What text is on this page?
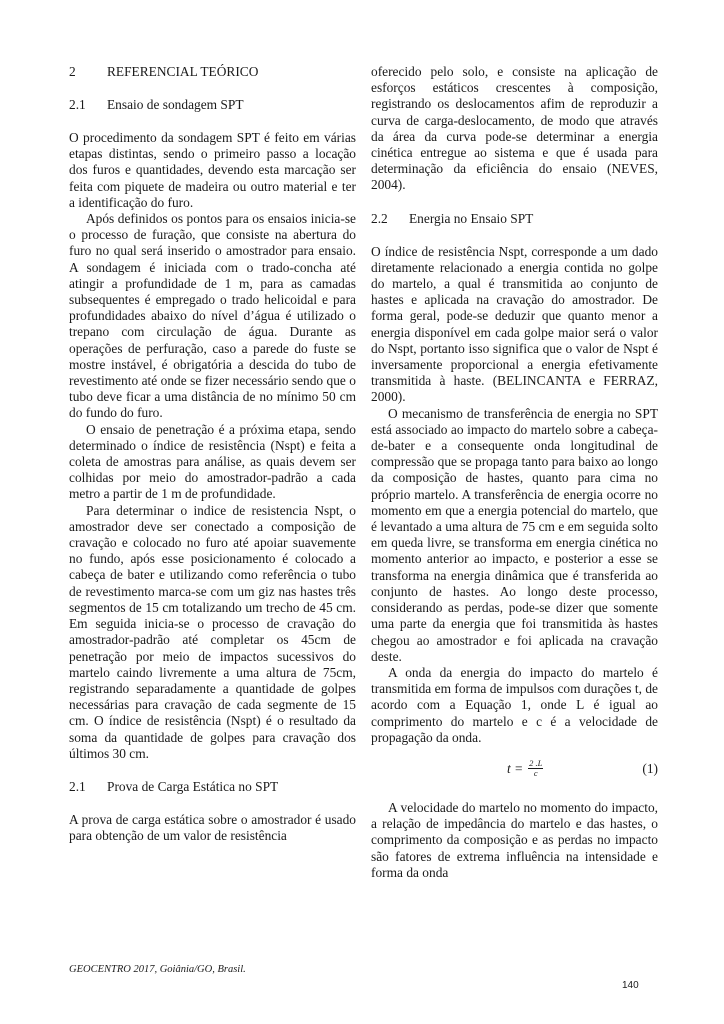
2	REFERENCIAL TEÓRICO
2.1	Ensaio de sondagem SPT

O procedimento da sondagem SPT é feito em várias etapas distintas, sendo o primeiro passo a locação dos furos e quantidades, devendo esta marcação ser feita com piquete de madeira ou outro material e ter a identificação do furo.

Após definidos os pontos para os ensaios inicia-se o processo de furação, que consiste na abertura do furo no qual será inserido o amostrador para ensaio. A sondagem é iniciada com o trado-concha até atingir a profundidade de 1 m, para as camadas subsequentes é empregado o trado helicoidal e para profundidades abaixo do nível d’água é utilizado o trepano com circulação de água. Durante as operações de perfuração, caso a parede do fuste se mostre instável, é obrigatória a descida do tubo de revestimento até onde se fizer necessário sendo que o tubo deve ficar a uma distância de no mínimo 50 cm do fundo do furo.

O ensaio de penetração é a próxima etapa, sendo determinado o índice de resistência (Nspt) e feita a coleta de amostras para análise, as quais devem ser colhidas por meio do amostrador-padrão a cada metro a partir de 1 m de profundidade.

Para determinar o indice de resistencia Nspt, o amostrador deve ser conectado a composição de cravação e colocado no furo até apoiar suavemente no fundo, após esse posicionamento é colocado a cabeça de bater e utilizando como referência o tubo de revestimento marca-se com um giz nas hastes três segmentos de 15 cm totalizando um trecho de 45 cm. Em seguida inicia-se o processo de cravação do amostrador-padrão até completar os 45cm de penetração por meio de impactos sucessivos do martelo caindo livremente a uma altura de 75cm, registrando separadamente a quantidade de golpes necessárias para cravação de cada segmente de 15 cm. O índice de resistência (Nspt) é o resultado da soma da quantidade de golpes para cravação dos últimos 30 cm.

2.1	Prova de Carga Estática no SPT

A prova de carga estática sobre o amostrador é usado para obtenção de um valor de resistência

oferecido pelo solo, e consiste na aplicação de esforços estáticos crescentes à composição, registrando os deslocamentos afim de reproduzir a curva de carga-deslocamento, de modo que através da área da curva pode-se determinar a energia cinética entregue ao sistema e que é usada para determinação da eficiência do ensaio (NEVES, 2004).

2.2	Energia no Ensaio SPT

O índice de resistência Nspt, corresponde a um dado diretamente relacionado a energia contida no golpe do martelo, a qual é transmitida ao conjunto de hastes e aplicada na cravação do amostrador. De forma geral, pode-se deduzir que quanto menor a energia disponível em cada golpe maior será o valor do Nspt, portanto isso significa que o valor de Nspt é inversamente proporcional a energia efetivamente transmitida à haste. (BELINCANTA e FERRAZ, 2000).

O mecanismo de transferência de energia no SPT está associado ao impacto do martelo sobre a cabeça-de-bater e a consequente onda longitudinal de compressão que se propaga tanto para baixo ao longo da composição de hastes, quanto para cima no próprio martelo. A transferência de energia ocorre no momento em que a energia potencial do martelo, que é levantado a uma altura de 75 cm e em seguida solto em queda livre, se transforma em energia cinética no momento anterior ao impacto, e posterior a esse se transforma na energia dinâmica que é transferida ao conjunto de hastes. Ao longo deste processo, considerando as perdas, pode-se dizer que somente uma parte da energia que foi transmitida às hastes chegou ao amostrador e foi aplicada na cravação deste.

A onda da energia do impacto do martelo é transmitida em forma de impulsos com durações t, de acordo com a Equação 1, onde L é igual ao comprimento do martelo e c é a velocidade de propagação da onda.

$t = \frac{2 .L}{c}$	(1)

A velocidade do martelo no momento do impacto, a relação de impedância do martelo e das hastes, o comprimento da composição e as perdas no impacto são fatores de extrema influência na intensidade e forma da onda

GEOCENTRO 2017, Goiânia/GO, Brasil.
140
